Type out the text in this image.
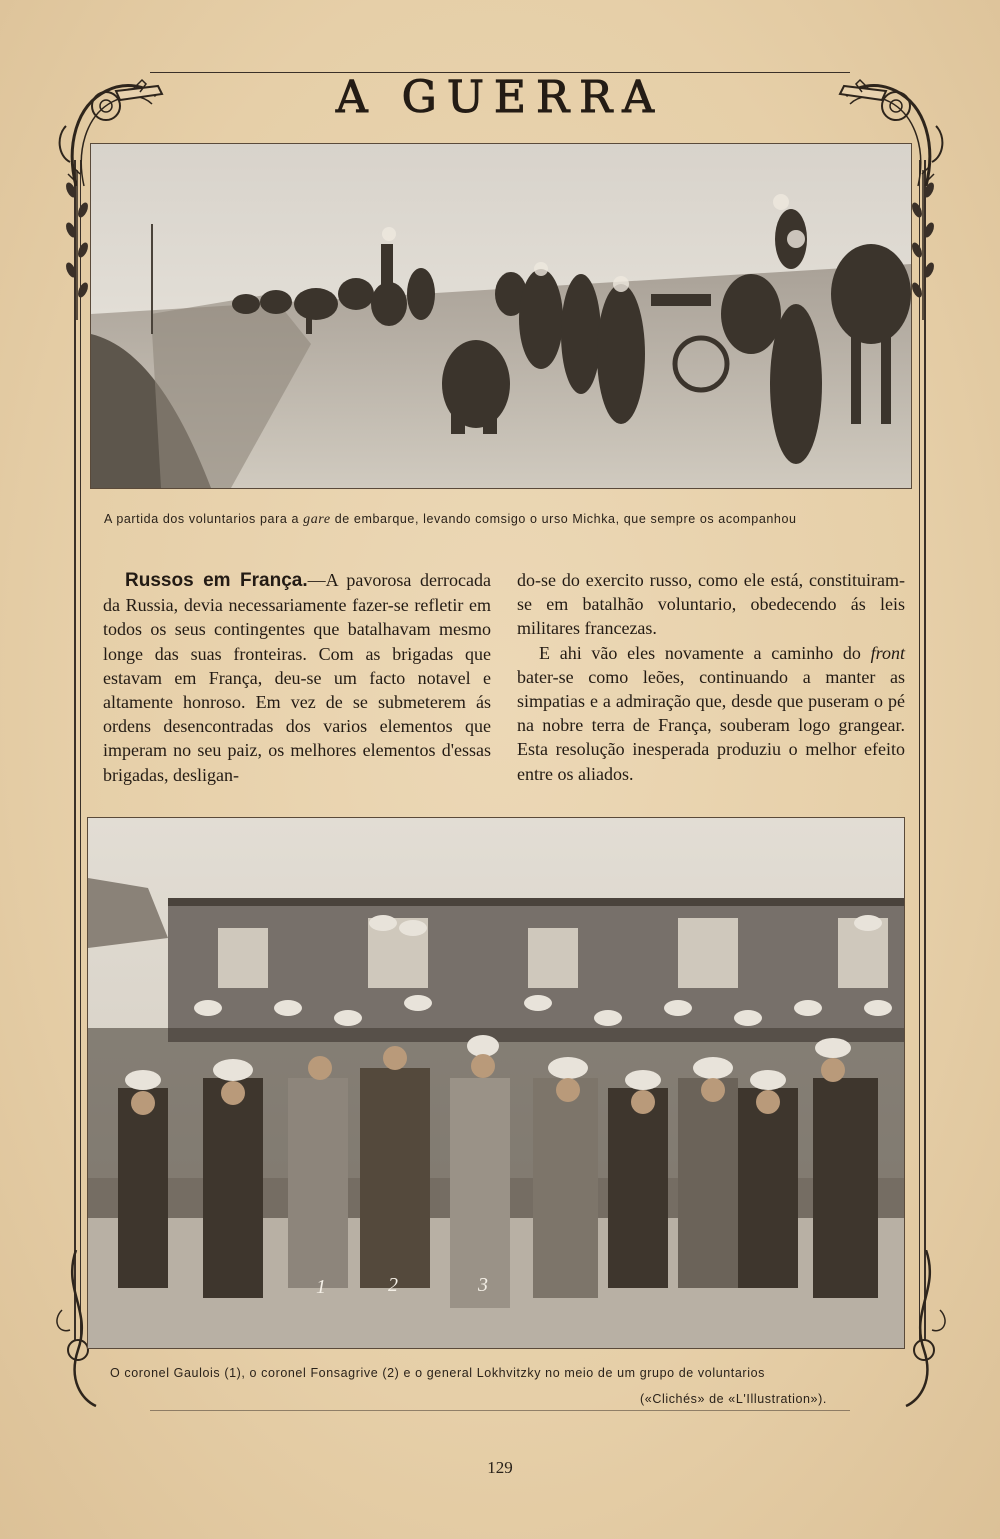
A GUERRA
A partida dos voluntarios para a gare de embarque, levando comsigo o urso Michka, que sempre os acompanhou

Russos em França.—A pavorosa derrocada da Russia, devia necessariamente fazer-se refletir em todos os seus contingentes que batalhavam mesmo longe das suas fronteiras. Com as brigadas que estavam em França, deu-se um facto notavel e altamente honroso. Em vez de se submeterem ás ordens desencontradas dos varios elementos que imperam no seu paiz, os melhores elementos d'essas brigadas, desligan-

do-se do exercito russo, como ele está, constituiram-se em batalhão voluntario, obedecendo ás leis militares francezas.

E ahi vão eles novamente a caminho do front bater-se como leões, continuando a manter as simpatias e a admiração que, desde que puseram o pé na nobre terra de França, souberam logo grangear. Esta resolução inesperada produziu o melhor efeito entre os aliados.

1	2	3
O coronel Gaulois (1), o coronel Fonsagrive (2) e o general Lokhvitzky no meio de um grupo de voluntarios
(«Clichés» de «L'Illustration»).
129
